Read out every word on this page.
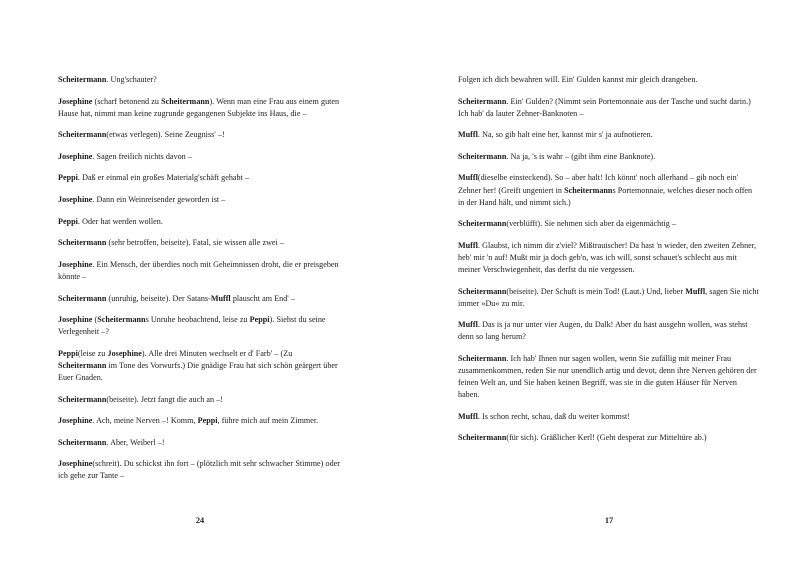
Scheitermann. Ung'schauter?

Josephine (scharf betonend zu Scheitermann). Wenn man eine Frau aus einem guten Hause hat, nimmt man keine zugrunde gegangenen Subjekte ins Haus, die –

Scheitermann(etwas verlegen). Seine Zeugniss' –!

Josephine. Sagen freilich nichts davon –

Peppi. Daß er einmal ein großes Materialg'schäft gehabt –

Josephine. Dann ein Weinreisender geworden ist –

Peppi. Oder hat werden wollen.

Scheitermann (sehr betroffen, beiseite). Fatal, sie wissen alle zwei –

Josephine. Ein Mensch, der überdies noch mit Geheimnissen droht, die er preisgeben könnte –

Scheitermann (unruhig, beiseite). Der Satans-Muffl plauscht am End' –

Josephine (Scheitermanns Unruhe beobachtend, leise zu Peppi). Siehst du seine Verlegenheit –?

Peppi(leise zu Josephine). Alle drei Minuten wechselt er d' Farb' – (Zu Scheitermann im Tone des Vorwurfs.) Die gnädige Frau hat sich schön geärgert über Euer Gnaden.

Scheitermann(beiseite). Jetzt fangt die auch an –!

Josephine. Ach, meine Nerven –! Komm, Peppi, führe mich auf mein Zimmer.

Scheitermann. Aber, Weiberl –!

Josephine(schreit). Du schickst ihn fort – (plötzlich mit sehr schwacher Stimme) oder ich gehe zur Tante –

Folgen ich dich bewahren will. Ein' Gulden kannst mir gleich drangeben.

Scheitermann. Ein' Gulden? (Nimmt sein Portemonnaie aus der Tasche und sucht darin.) Ich hab' da lauter Zehner-Banknoten –

Muffl. Na, so gib halt eine her, kannst mir s' ja aufnotieren.

Scheitermann. Na ja, 's is wahr – (gibt ihm eine Banknote).

Muffl(dieselbe einsteckend). So – aber halt! Ich könnt' noch allerhand – gib noch ein' Zehner her! (Greift ungeniert in Scheitermanns Portemonnaie, welches dieser noch offen in der Hand hält, und nimmt sich.)

Scheitermann(verblüfft). Sie nehmen sich aber da eigenmächtig –

Muffl. Glaubst, ich nimm dir z'viel? Mißtrauischer! Da hast 'n wieder, den zweiten Zehner, heb' mir 'n auf! Mußt mir ja doch geb'n, was ich will, sonst schauet's schlecht aus mit meiner Verschwiegenheit, das derfst du nie vergessen.

Scheitermann(beiseite). Der Schuft is mein Tod! (Laut.) Und, lieber Muffl, sagen Sie nicht immer »Du« zu mir.

Muffl. Das is ja nur unter vier Augen, du Dalk! Aber du hast ausgehn wollen, was stehst denn so lang herum?

Scheitermann. Ich hab' Ihnen nur sagen wollen, wenn Sie zufällig mit meiner Frau zusammenkommen, reden Sie nur unendlich artig und devot, denn ihre Nerven gehören der feinen Welt an, und Sie haben keinen Begriff, was sie in die guten Häuser für Nerven haben.

Muffl. Is schon recht, schau, daß du weiter kommst!

Scheitermann(für sich). Gräßlicher Kerl! (Geht desperat zur Mitteltüre ab.)

24	17
